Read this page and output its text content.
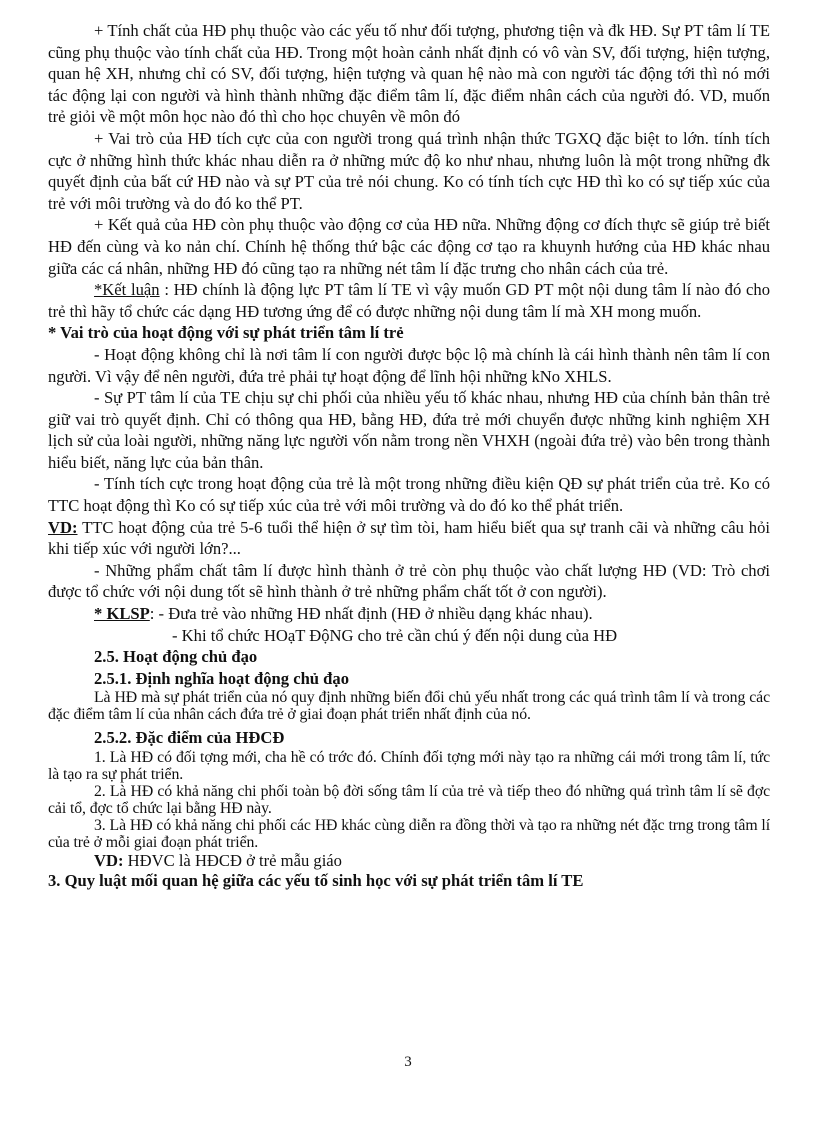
+ Tính chất của HĐ phụ thuộc vào các yếu tố như đối tượng, phương tiện và đk HĐ. Sự PT tâm lí TE cũng phụ thuộc vào tính chất của HĐ. Trong một hoàn cảnh nhất định có vô vàn SV, đối tượng, hiện tượng, quan hệ XH, nhưng chỉ có SV, đối tượng, hiện tượng và quan hệ nào mà con người tác động tới thì nó mới tác động lại con người và hình thành những đặc điểm tâm lí, đặc điểm nhân cách của người đó. VD, muốn trẻ giỏi về một môn học nào đó thì cho học chuyên về môn đó

+ Vai trò của HĐ tích cực của con người trong quá trình nhận thức TGXQ đặc biệt to lớn. tính tích cực ở những hình thức khác nhau diễn ra ở những mức độ ko như nhau, nhưng luôn là một trong những đk quyết định của bất cứ HĐ nào và sự PT của trẻ nói chung. Ko có tính tích cực HĐ thì ko có sự tiếp xúc của trẻ với môi trường và do đó ko thể PT.

+ Kết quả của HĐ còn phụ thuộc vào động cơ của HĐ nữa. Những động cơ đích thực sẽ giúp trẻ biết HĐ đến cùng và ko nản chí. Chính hệ thống thứ bậc các động cơ tạo ra khuynh hướng của HĐ khác nhau giữa các cá nhân, những HĐ đó cũng tạo ra những nét tâm lí đặc trưng cho nhân cách của trẻ.

*Kết luận : HĐ chính là động lực PT tâm lí TE vì vậy muốn GD PT một nội dung tâm lí nào đó cho trẻ thì hãy tổ chức các dạng HĐ tương ứng để có được những nội dung tâm lí mà XH mong muốn.

* Vai trò của hoạt động với sự phát triển tâm lí trẻ

- Hoạt động không chỉ là nơi tâm lí con người được bộc lộ mà chính là cái hình thành nên tâm lí con người. Vì vậy để nên người, đứa trẻ phải tự hoạt động để lĩnh hội những kNo XHLS.

- Sự PT tâm lí của TE chịu sự chi phối của nhiều yếu tố khác nhau, nhưng HĐ của chính bản thân trẻ giữ vai trò quyết định. Chỉ có thông qua HĐ, bằng HĐ, đứa trẻ mới chuyển được những kinh nghiệm XH lịch sử của loài người, những năng lực người vốn nằm trong nền VHXH (ngoài đứa trẻ) vào bên trong thành hiểu biết, năng lực của bản thân.

- Tính tích cực trong hoạt động của trẻ là một trong những điều kiện QĐ sự phát triển của trẻ. Ko có TTC hoạt động thì Ko có sự tiếp xúc của trẻ với môi trường và do đó ko thể phát triển.

VD: TTC hoạt động của trẻ 5-6 tuổi thể hiện ở sự tìm tòi, ham hiểu biết qua sự tranh cãi và những câu hỏi khi tiếp xúc với người lớn?...

- Những phẩm chất tâm lí được hình thành ở trẻ còn phụ thuộc vào chất lượng HĐ (VD: Trò chơi được tổ chức với nội dung tốt sẽ hình thành ở trẻ những phẩm chất tốt ở con người).

* KLSP: - Đưa trẻ vào những HĐ nhất định (HĐ ở nhiều dạng khác nhau).

- Khi tổ chức HOạT ĐộNG cho trẻ cần chú ý đến nội dung của HĐ

2.5. Hoạt động chủ đạo

2.5.1. Định nghĩa hoạt động chủ đạo

Là HĐ mà sự phát triển của nó quy định những biến đổi chủ yếu nhất trong các quá trình tâm lí và trong các đặc điểm tâm lí của nhân cách đứa trẻ ở giai đoạn phát triển nhất định của nó.

2.5.2. Đặc điểm của HĐCĐ

1. Là HĐ có đối tợng mới, cha hề có trớc đó. Chính đối tợng mới này tạo ra những cái mới trong tâm lí, tức là tạo ra sự phát triển.

2. Là HĐ có khả năng chi phối toàn bộ đời sống tâm lí của trẻ và tiếp theo đó những quá trình tâm lí sẽ đợc cải tổ, đợc tổ chức lại bằng HĐ này.

3. Là HĐ có khả năng chi phối các HĐ khác cùng diễn ra đồng thời và tạo ra những nét đặc trng trong tâm lí của trẻ ở mỗi giai đoạn phát triển.

VD: HĐVC là HĐCĐ ở trẻ mẫu giáo

3. Quy luật mối quan hệ giữa các yếu tố sinh học với sự phát triển tâm lí TE

3
